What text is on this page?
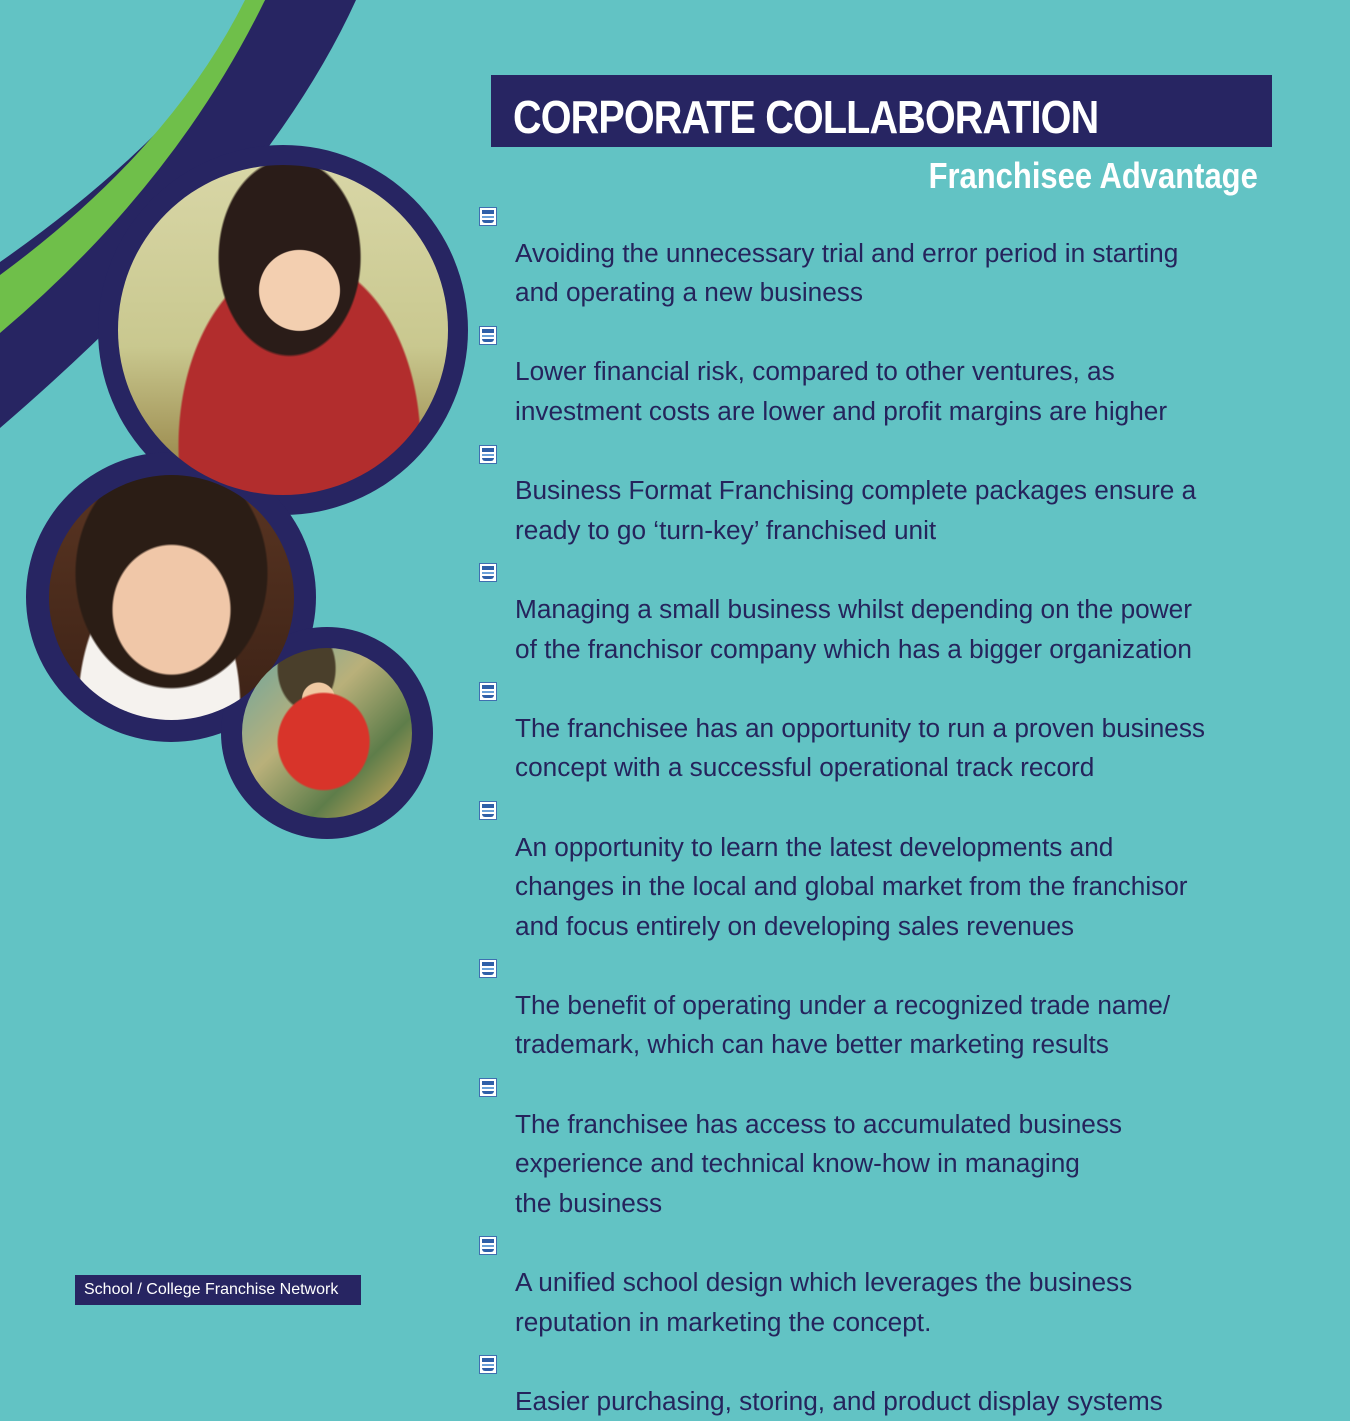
CORPORATE COLLABORATION
Franchisee Advantage

Avoiding the unnecessary trial and error period in starting
and operating a new business

Lower financial risk, compared to other ventures, as
investment costs are lower and profit margins are higher

Business Format Franchising complete packages ensure a
ready to go ‘turn-key’ franchised unit

Managing a small business whilst depending on the power
of the franchisor company which has a bigger organization

The franchisee has an opportunity to run a proven business
concept with a successful operational track record

An opportunity to learn the latest developments and
changes in the local and global market from the franchisor
and focus entirely on developing sales revenues

The benefit of operating under a recognized trade name/
trademark, which can have better marketing results

The franchisee has access to accumulated business
experience and technical know-how in managing
the business

A unified school design which leverages the business
reputation in marketing the concept.

Easier purchasing, storing, and product display systems

School / College Franchise Network
